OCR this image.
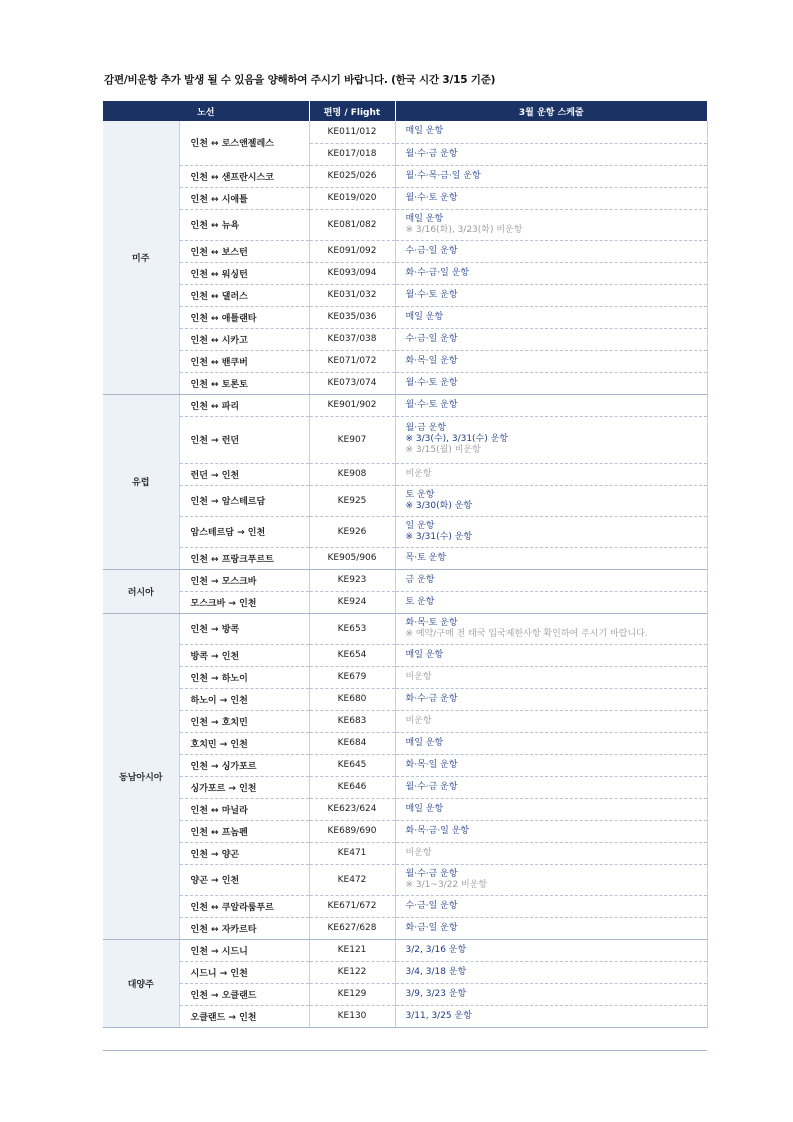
감편/비운항 추가 발생 될 수 있음을 양해하여 주시기 바랍니다. (한국 시간 3/15 기준)
노선		편명 / Flight	3월 운항 스케줄
미주	인천 ↔ 로스앤젤레스	KE011/012	매일 운항

		KE017/018	월·수·금 운항

	인천 ↔ 샌프란시스코	KE025/026	월·수·목·금·일 운항

	인천 ↔ 시애틀	KE019/020	월·수·토 운항

	인천 ↔ 뉴욕	KE081/082	매일 운항
※ 3/16(화), 3/23(화) 비운항

	인천 ↔ 보스턴	KE091/092	수·금·일 운항

	인천 ↔ 워싱턴	KE093/094	화·수·금·일 운항

	인천 ↔ 댈러스	KE031/032	월·수·토 운항

	인천 ↔ 애틀랜타	KE035/036	매일 운항

	인천 ↔ 시카고	KE037/038	수·금·일 운항

	인천 ↔ 밴쿠버	KE071/072	화·목·일 운항

	인천 ↔ 토론토	KE073/074	월·수·토 운항

유럽	인천 ↔ 파리	KE901/902	월·수·토 운항

	인천 → 런던	KE907	월·금 운항
※ 3/3(수), 3/31(수) 운항
※ 3/15(월) 비운항

	런던 → 인천	KE908	비운항

	인천 → 암스테르담	KE925	토 운항
※ 3/30(화) 운항

	암스테르담 → 인천	KE926	일 운항
※ 3/31(수) 운항

	인천 ↔ 프랑크푸르트	KE905/906	목·토 운항

러시아	인천 → 모스크바	KE923	금 운항

	모스크바 → 인천	KE924	토 운항

동남아시아	인천 → 방콕	KE653	화·목·토 운항
※ 예약/구매 전 태국 입국제한사항 확인하여 주시기 바랍니다.

	방콕 → 인천	KE654	매일 운항

	인천 → 하노이	KE679	비운항

	하노이 → 인천	KE680	화·수·금 운항

	인천 → 호치민	KE683	비운항

	호치민 → 인천	KE684	매일 운항

	인천 → 싱가포르	KE645	화·목·일 운항

	싱가포르 → 인천	KE646	월·수·금 운항

	인천 ↔ 마닐라	KE623/624	매일 운항

	인천 ↔ 프놈펜	KE689/690	화·목·금·일 운항

	인천 → 양곤	KE471	비운항

	양곤 → 인천	KE472	월·수·금 운항
※ 3/1~3/22 비운항

	인천 ↔ 쿠알라룸푸르	KE671/672	수·금·일 운항

	인천 ↔ 자카르타	KE627/628	화·금·일 운항

대양주	인천 → 시드니	KE121	3/2, 3/16 운항

	시드니 → 인천	KE122	3/4, 3/18 운항

	인천 → 오클랜드	KE129	3/9, 3/23 운항

	오클랜드 → 인천	KE130	3/11, 3/25 운항
